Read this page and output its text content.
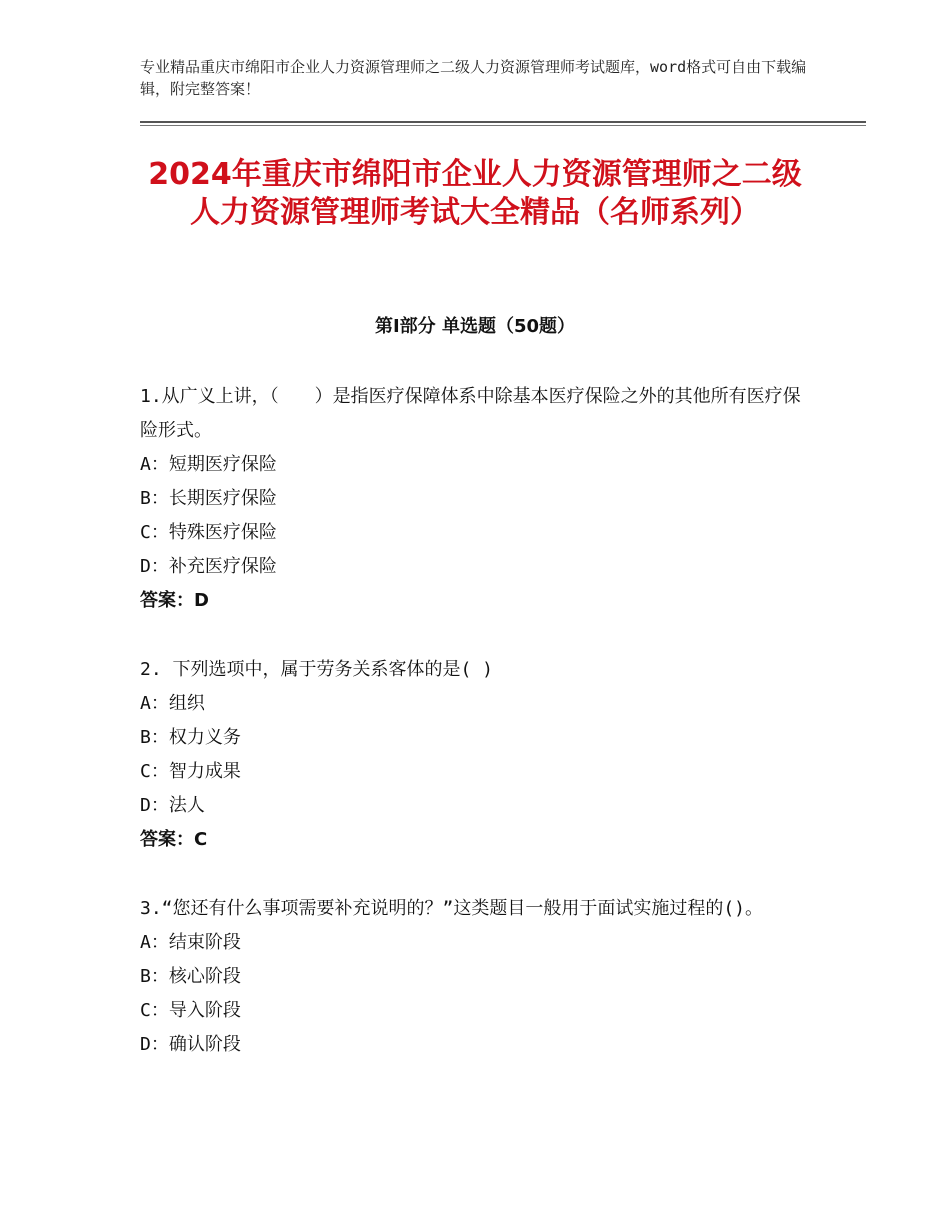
专业精品重庆市绵阳市企业人力资源管理师之二级人力资源管理师考试题库，word格式可自由下载编辑，附完整答案！
2024年重庆市绵阳市企业人力资源管理师之二级人力资源管理师考试大全精品（名师系列）
第Ⅰ部分 单选题（50题）

1.从广义上讲，（　　）是指医疗保障体系中除基本医疗保险之外的其他所有医疗保险形式。

A：短期医疗保险

B：长期医疗保险

C：特殊医疗保险

D：补充医疗保险

答案：D

2. 下列选项中，属于劳务关系客体的是( )

A：组织

B：权力义务

C：智力成果

D：法人

答案：C

3.“您还有什么事项需要补充说明的？”这类题目一般用于面试实施过程的()。

A：结束阶段

B：核心阶段

C：导入阶段

D：确认阶段
